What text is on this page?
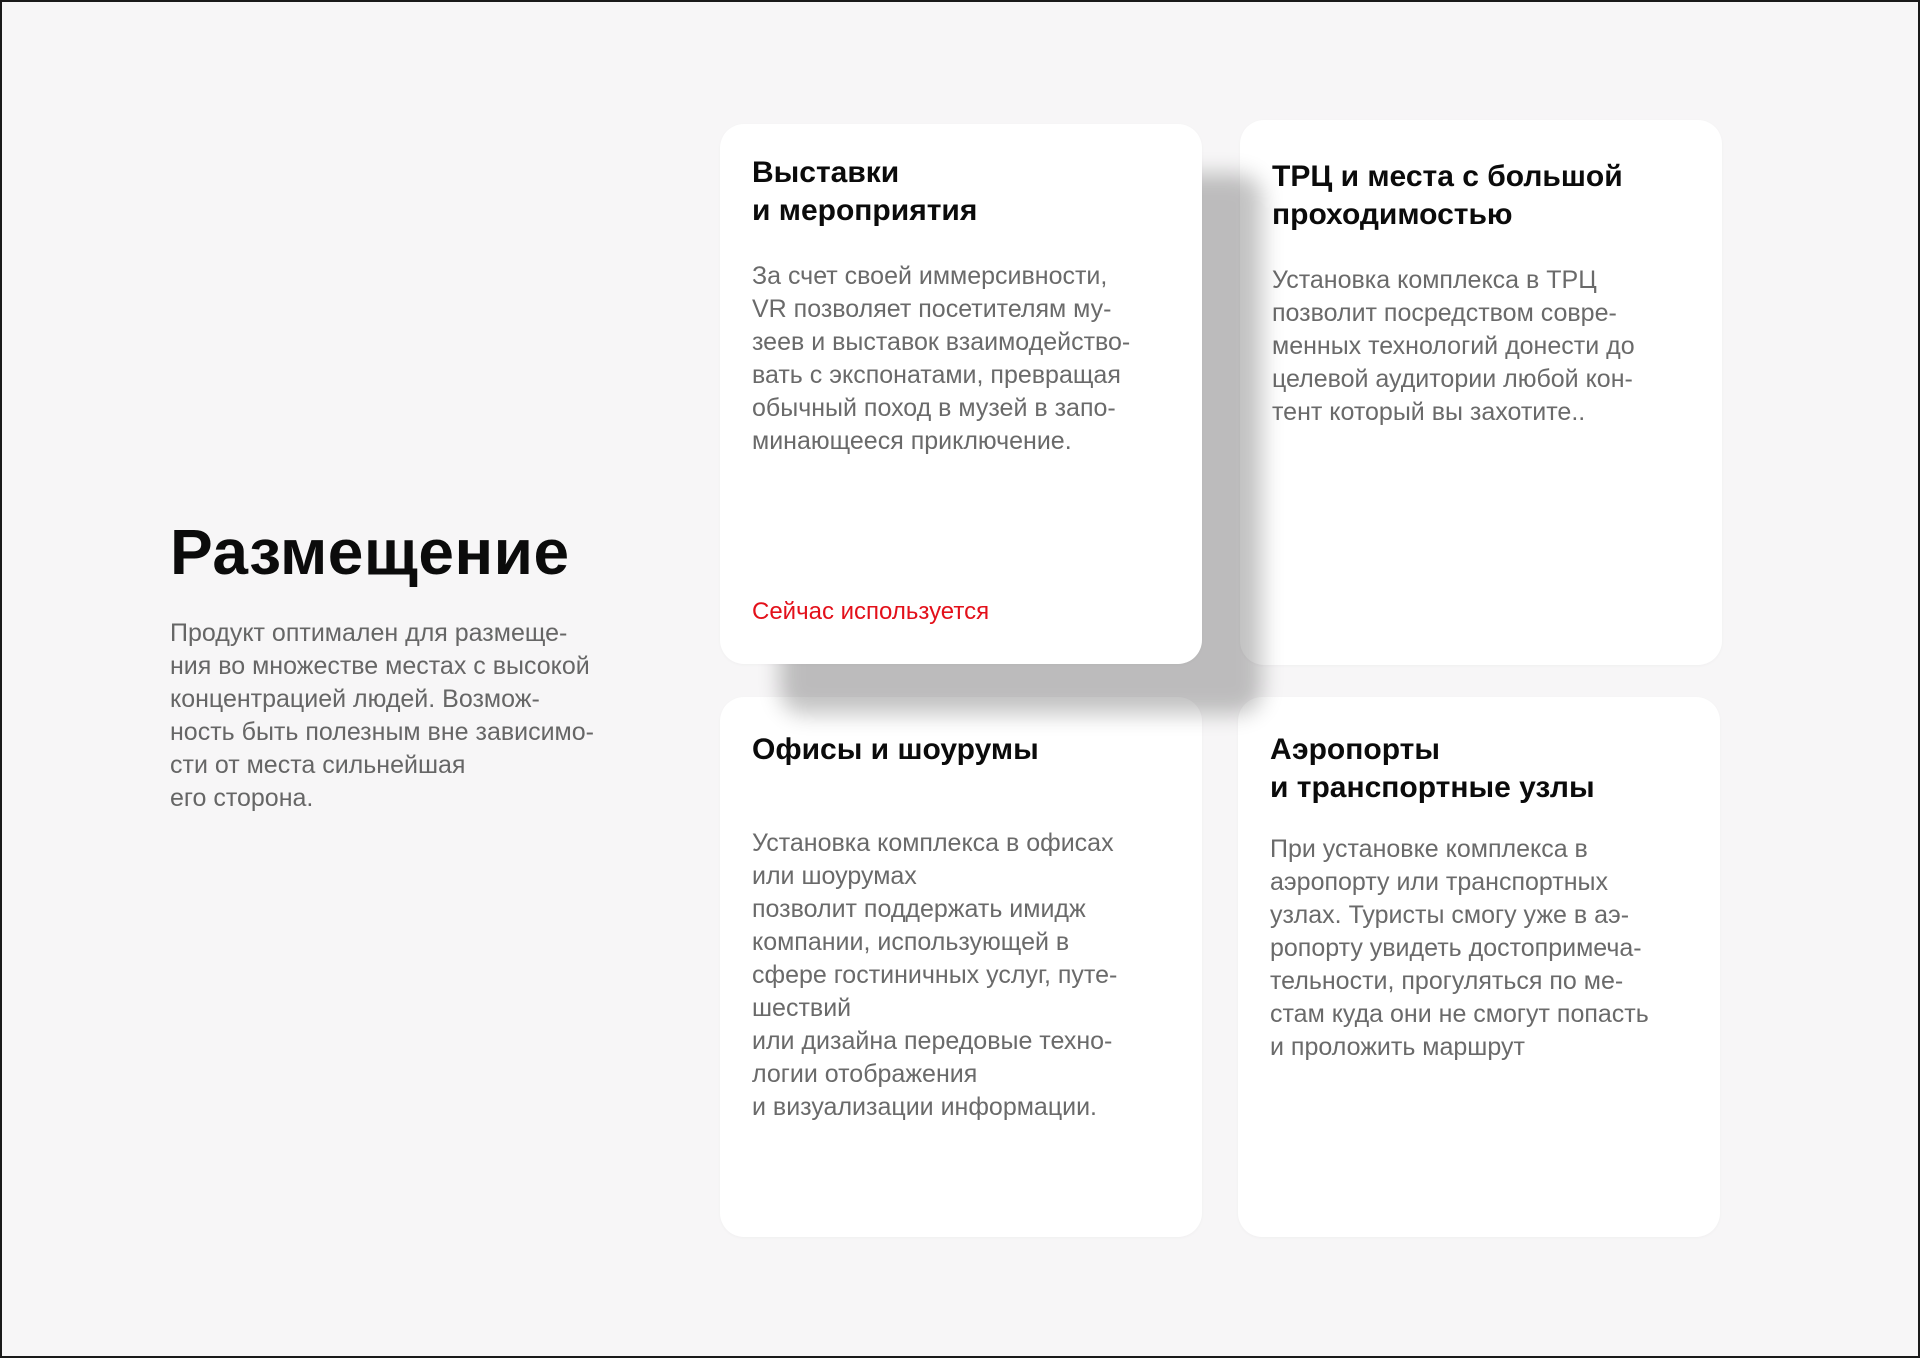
Размещение

Продукт оптимален для размеще-
ния во множестве местах с высокой
концентрацией людей. Возмож-
ность быть полезным вне зависимо-
сти от места сильнейшая
его сторона.

Выставки
и мероприятия

За счет своей иммерсивности,
VR позволяет посетителям му-
зеев и выставок взаимодейство-
вать с экспонатами, превращая
обычный поход в музей в запо-
минающееся приключение.

Сейчас используется
ТРЦ и места с большой
проходимостью

Установка комплекса в ТРЦ
позволит посредством совре-
менных технологий донести до
целевой аудитории любой кон-
тент который вы захотите..

Офисы и шоурумы

Установка комплекса в офисах
или шоурумах
позволит поддержать имидж
компании, использующей в
сфере гостиничных услуг, путе-
шествий
или дизайна передовые техно-
логии отображения
и визуализации информации.

Аэропорты
и транспортные узлы

При установке комплекса в
аэропорту или транспортных
узлах. Туристы смогу уже в аэ-
ропорту увидеть достопримеча-
тельности, прогуляться по ме-
стам куда они не смогут попасть
и проложить маршрут
